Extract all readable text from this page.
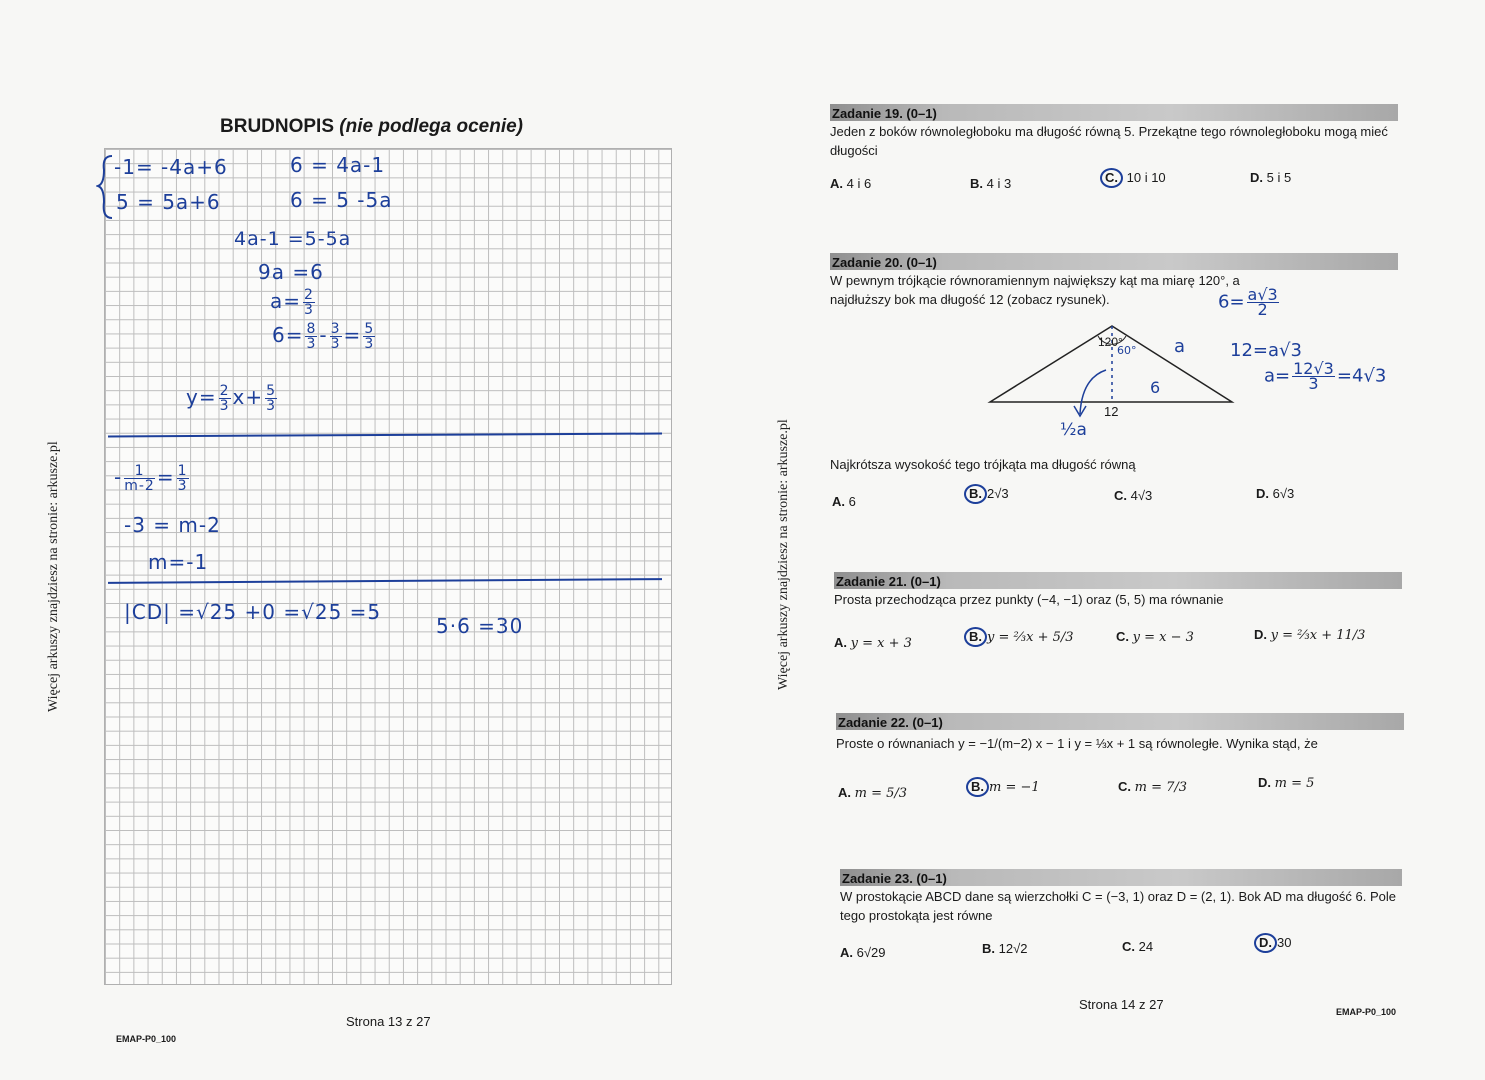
Więcej arkuszy znajdziesz na stronie: arkusze.pl
BRUDNOPIS (nie podlega ocenie)
-1= -4a+6
5 = 5a+6
6 = 4a-1
6 = 5 -5a
4a-1 =5-5a
9a =6
$a= \frac{2}{3}$
$6= \frac{8}{3} - \frac{3}{3} = \frac{5}{3}$
$y= \frac{2}{3} x+ \frac{5}{3}$
- $\frac{1}{m-2} = \frac{1}{3}$
-3 = m-2
m=-1
|CD| =√25 +0 =√25 =5
5·6 =30
Strona 13 z 27
EMAP-P0_100
Więcej arkuszy znajdziesz na stronie: arkusze.pl
Zadanie 19. (0–1)
Jeden z boków równoległoboku ma długość równą 5. Przekątne tego równoległoboku mogą mieć długości
A. 4 i 6	B. 4 i 3	C. 10 i 10	D. 5 i 5
Zadanie 20. (0–1)
W pewnym trójkącie równoramiennym największy kąt ma miarę 120°, a najdłuższy bok ma długość 12 (zobacz rysunek).
120°
60° a
6
12
½a
$6= \frac{a√3}{2}$
12=a√3
$a= \frac{12√3}{3} =4√3$
Najkrótsza wysokość tego trójkąta ma długość równą
A. 6
B. 2√3	C. 4√3	D. 6√3
Zadanie 21. (0–1)
Prosta przechodząca przez punkty (−4, −1) oraz (5, 5) ma równanie
A. y = x + 3	B. y = ⅔x + 5/3	C. y = x − 3	D. y = ⅔x + 11/3
Zadanie 22. (0–1)
Proste o równaniach y = −1/(m−2) x − 1 i y = ⅓x + 1 są równoległe. Wynika stąd, że
A. m = 5/3	B. m = −1	C. m = 7/3	D. m = 5
Zadanie 23. (0–1)
W prostokącie ABCD dane są wierzchołki C = (−3, 1) oraz D = (2, 1). Bok AD ma długość 6. Pole tego prostokąta jest równe
A. 6√29	B. 12√2	C. 24	D. 30
Strona 14 z 27	EMAP-P0_100
